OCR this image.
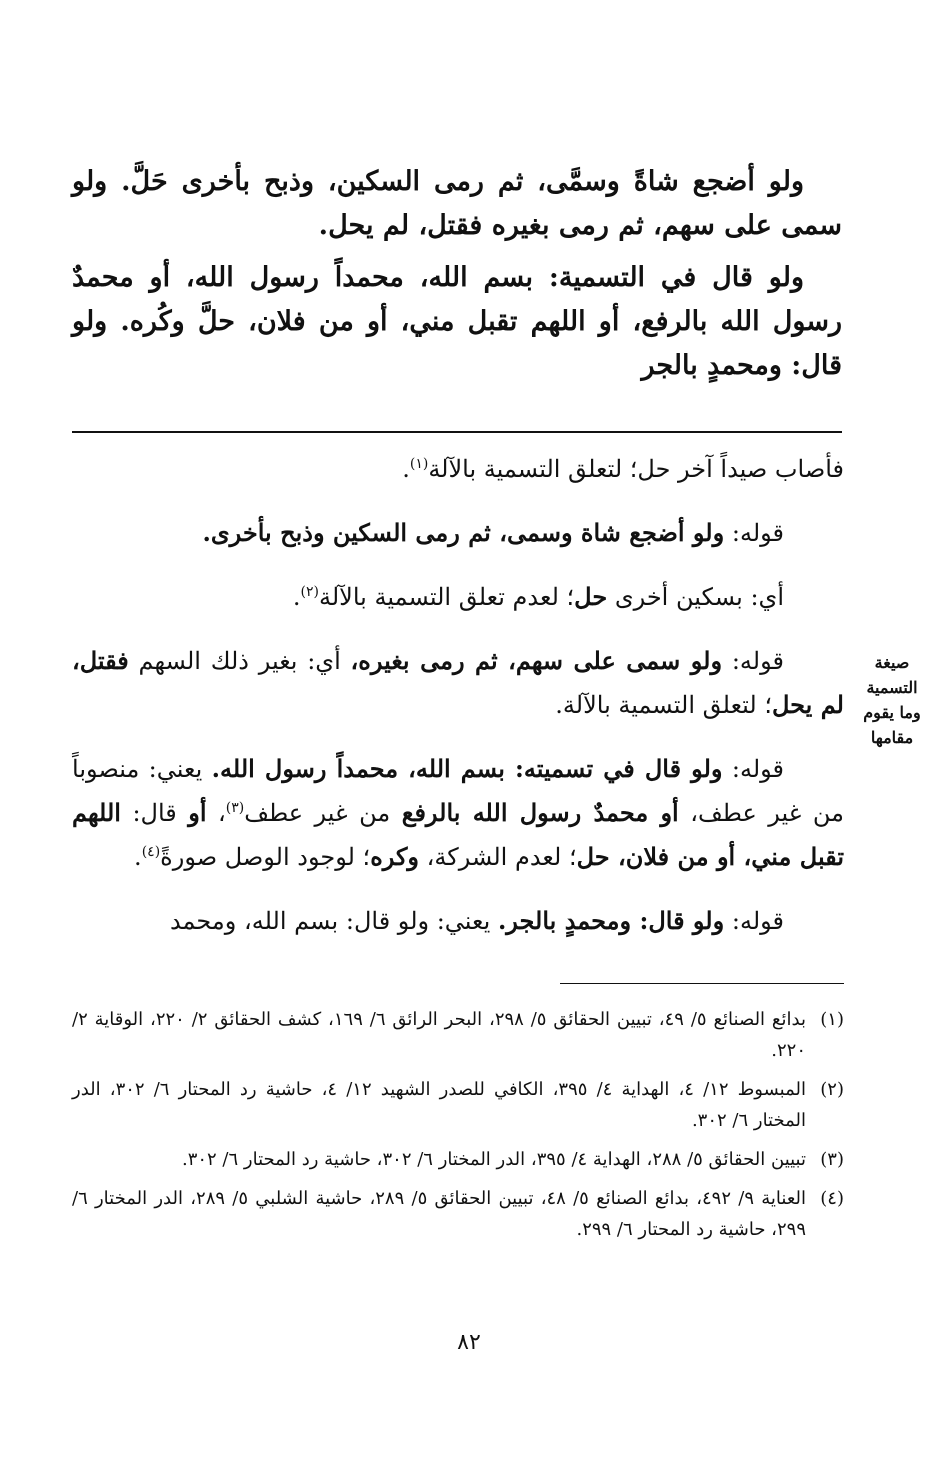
ولو أضجع شاةً وسمَّى، ثم رمى السكين، وذبح بأخرى حَلَّ. ولو سمى على سهم، ثم رمى بغيره فقتل، لم يحل.

ولو قال في التسمية: بسم الله، محمداً رسول الله، أو محمدٌ رسول الله بالرفع، أو اللهم تقبل مني، أو من فلان، حلَّ وكُره. ولو قال: ومحمدٍ بالجر

فأصاب صيداً آخر حل؛ لتعلق التسمية بالآلة$^{(١)}$.

قوله: ولو أضجع شاة وسمى، ثم رمى السكين وذبح بأخرى.

أي: بسكين أخرى حل؛ لعدم تعلق التسمية بالآلة$^{(٢)}$.

قوله: ولو سمى على سهم، ثم رمى بغيره، أي: بغير ذلك السهم فقتل، لم يحل؛ لتعلق التسمية بالآلة.

قوله: ولو قال في تسميته: بسم الله، محمداً رسول الله. يعني: منصوباً من غير عطف، أو محمدٌ رسول الله بالرفع من غير عطف$^{(٣)}$، أو قال: اللهم تقبل مني، أو من فلان، حل؛ لعدم الشركة، وكره؛ لوجود الوصل صورةً$^{(٤)}$.

قوله: ولو قال: ومحمدٍ بالجر. يعني: ولو قال: بسم الله، ومحمد

صيغة
التسمية
وما يقوم
مقامها
(١)
بدائع الصنائع ٥/ ٤٩، تبيين الحقائق ٥/ ٢٩٨، البحر الرائق ٦/ ١٦٩، كشف الحقائق ٢/ ٢٢٠، الوقاية ٢/ ٢٢٠.
(٢)
المبسوط ١٢/ ٤، الهداية ٤/ ٣٩٥، الكافي للصدر الشهيد ١٢/ ٤، حاشية رد المحتار ٦/ ٣٠٢، الدر المختار ٦/ ٣٠٢.
(٣)
تبيين الحقائق ٥/ ٢٨٨، الهداية ٤/ ٣٩٥، الدر المختار ٦/ ٣٠٢، حاشية رد المحتار ٦/ ٣٠٢.
(٤)
العناية ٩/ ٤٩٢، بدائع الصنائع ٥/ ٤٨، تبيين الحقائق ٥/ ٢٨٩، حاشية الشلبي ٥/ ٢٨٩، الدر المختار ٦/ ٢٩٩، حاشية رد المحتار ٦/ ٢٩٩.
٨٢
